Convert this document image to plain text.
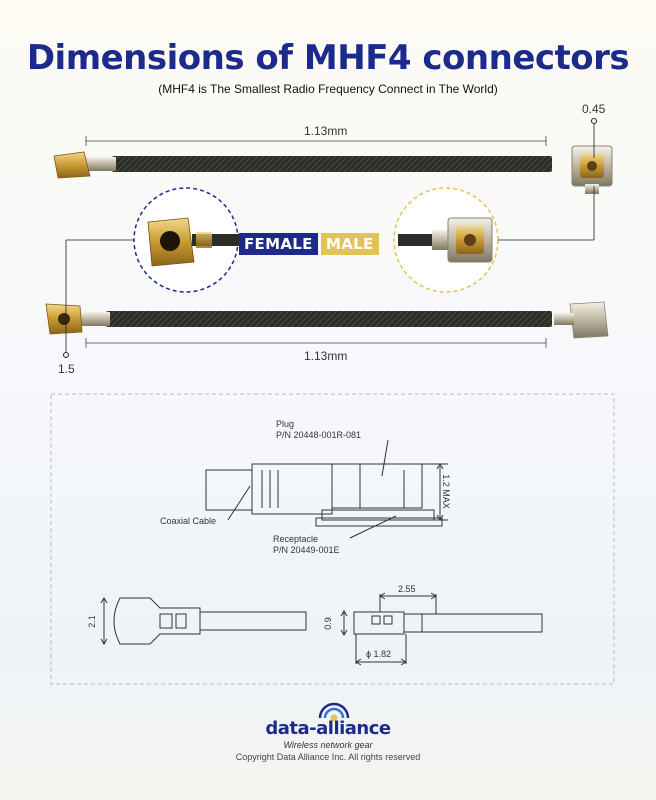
Dimensions of MHF4 connectors
(MHF4 is The Smallest Radio Frequency Connect in The World)
FEMALE MALE
1.13mm
1.13mm
0.45
1.5
Plug
P/N 20448-001R-081
Coaxial Cable
Receptacle
P/N 20449-001E
1.2 MAX
2.1
2.55
0.9
ϕ 1.82
data-alliance
Wireless network gear
Copyright Data Alliance Inc. All rights reserved
